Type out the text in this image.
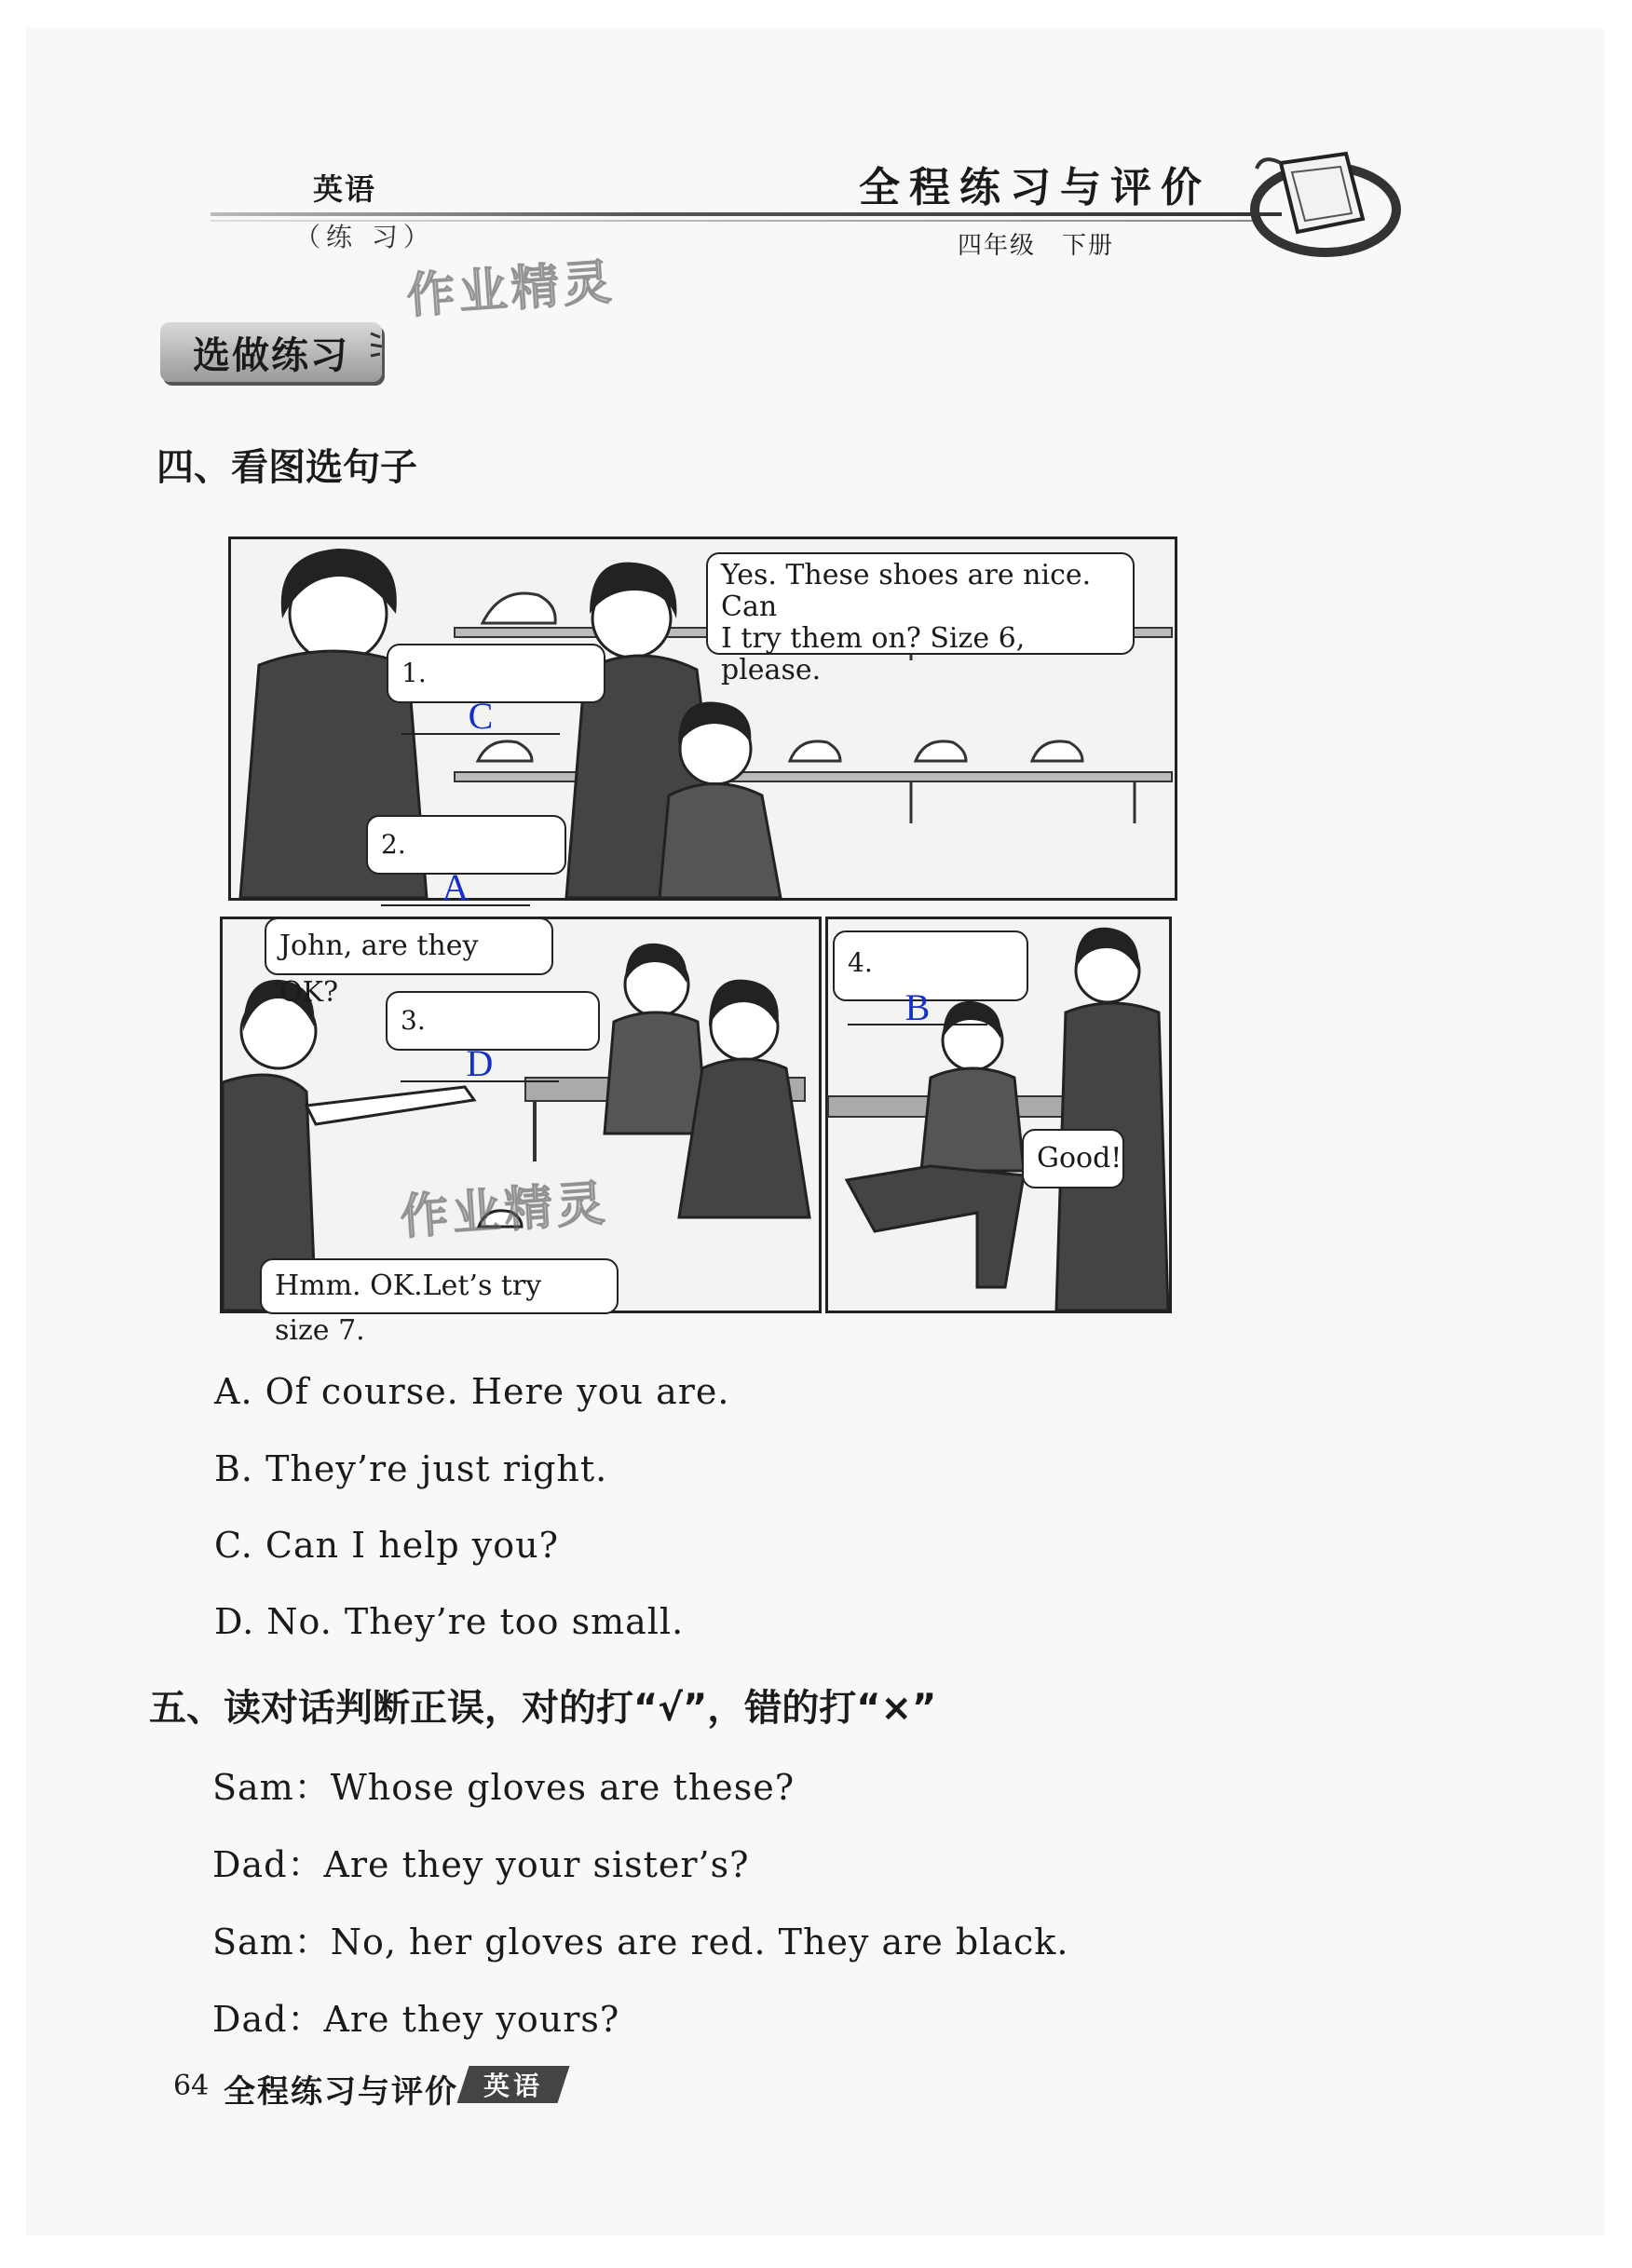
英语
（练 习）
全程练习与评价
四年级　下册
作业精灵
选做练习
四、看图选句子
Yes. These shoes are nice. Can
I try them on? Size 6, please.
1. C
2. A
John, are they OK?
3. D
Hmm. OK.Let’s try size 7.
作业精灵
4. B
Good!
A. Of course. Here you are.
B. They’re just right.
C. Can I help you?
D. No. They’re too small.
五、读对话判断正误，对的打“√”，错的打“×”
Sam：Whose gloves are these?
Dad：Are they your sister’s?
Sam：No, her gloves are red. They are black.
Dad：Are they yours?
64 全程练习与评价 英语
